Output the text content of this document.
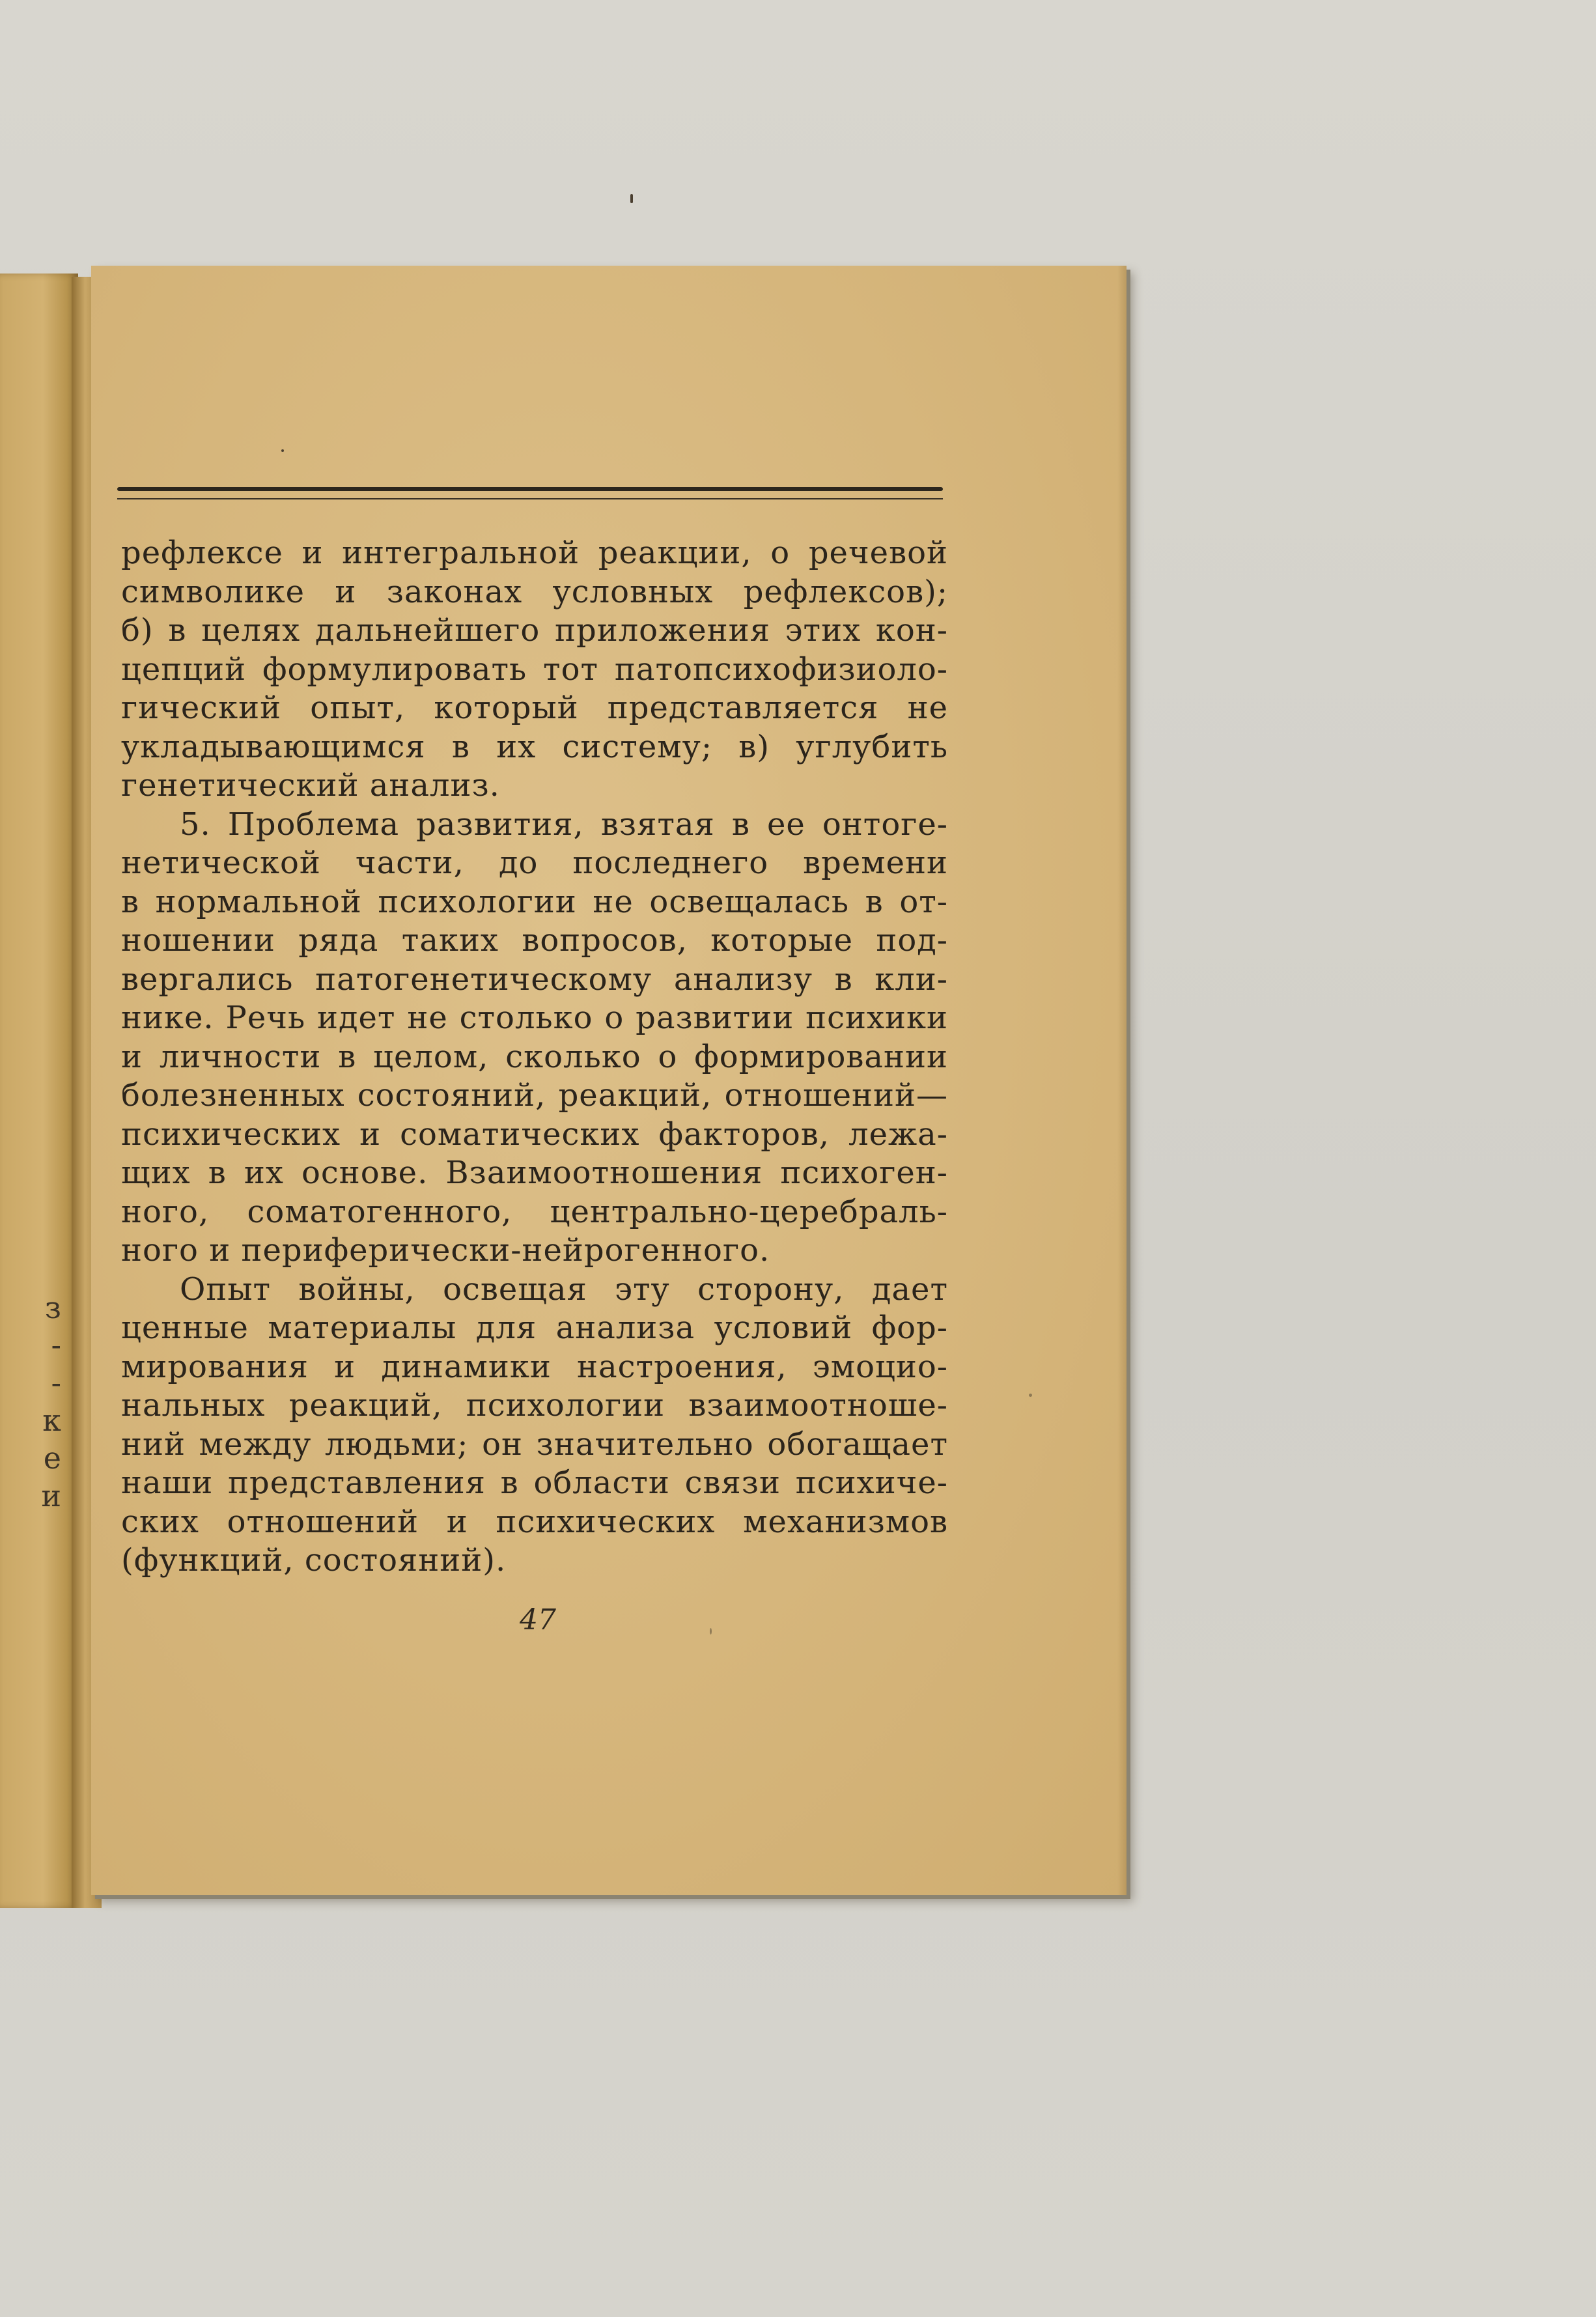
з
-
-
к
е
и
рефлексе и интегральной реакции, о речевой
символике и законах условных рефлексов);
б) в целях дальнейшего приложения этих кон-
цепций формулировать тот патопсихофизиоло-
гический опыт, который представляется не
укладывающимся в их систему; в) углубить
генетический анализ.
5. Проблема развития, взятая в ее онтоге-
нетической части, до последнего времени
в нормальной психологии не освещалась в от-
ношении ряда таких вопросов, которые под-
вергались патогенетическому анализу в кли-
нике. Речь идет не столько о развитии психики
и личности в целом, сколько о формировании
болезненных состояний, реакций, отношений—
психических и соматических факторов, лежа-
щих в их основе. Взаимоотношения психоген-
ного, соматогенного, центрально-церебраль-
ного и периферически-нейрогенного.
Опыт войны, освещая эту сторону, дает
ценные материалы для анализа условий фор-
мирования и динамики настроения, эмоцио-
нальных реакций, психологии взаимоотноше-
ний между людьми; он значительно обогащает
наши представления в области связи психиче-
ских отношений и психических механизмов
(функций, состояний).
47
